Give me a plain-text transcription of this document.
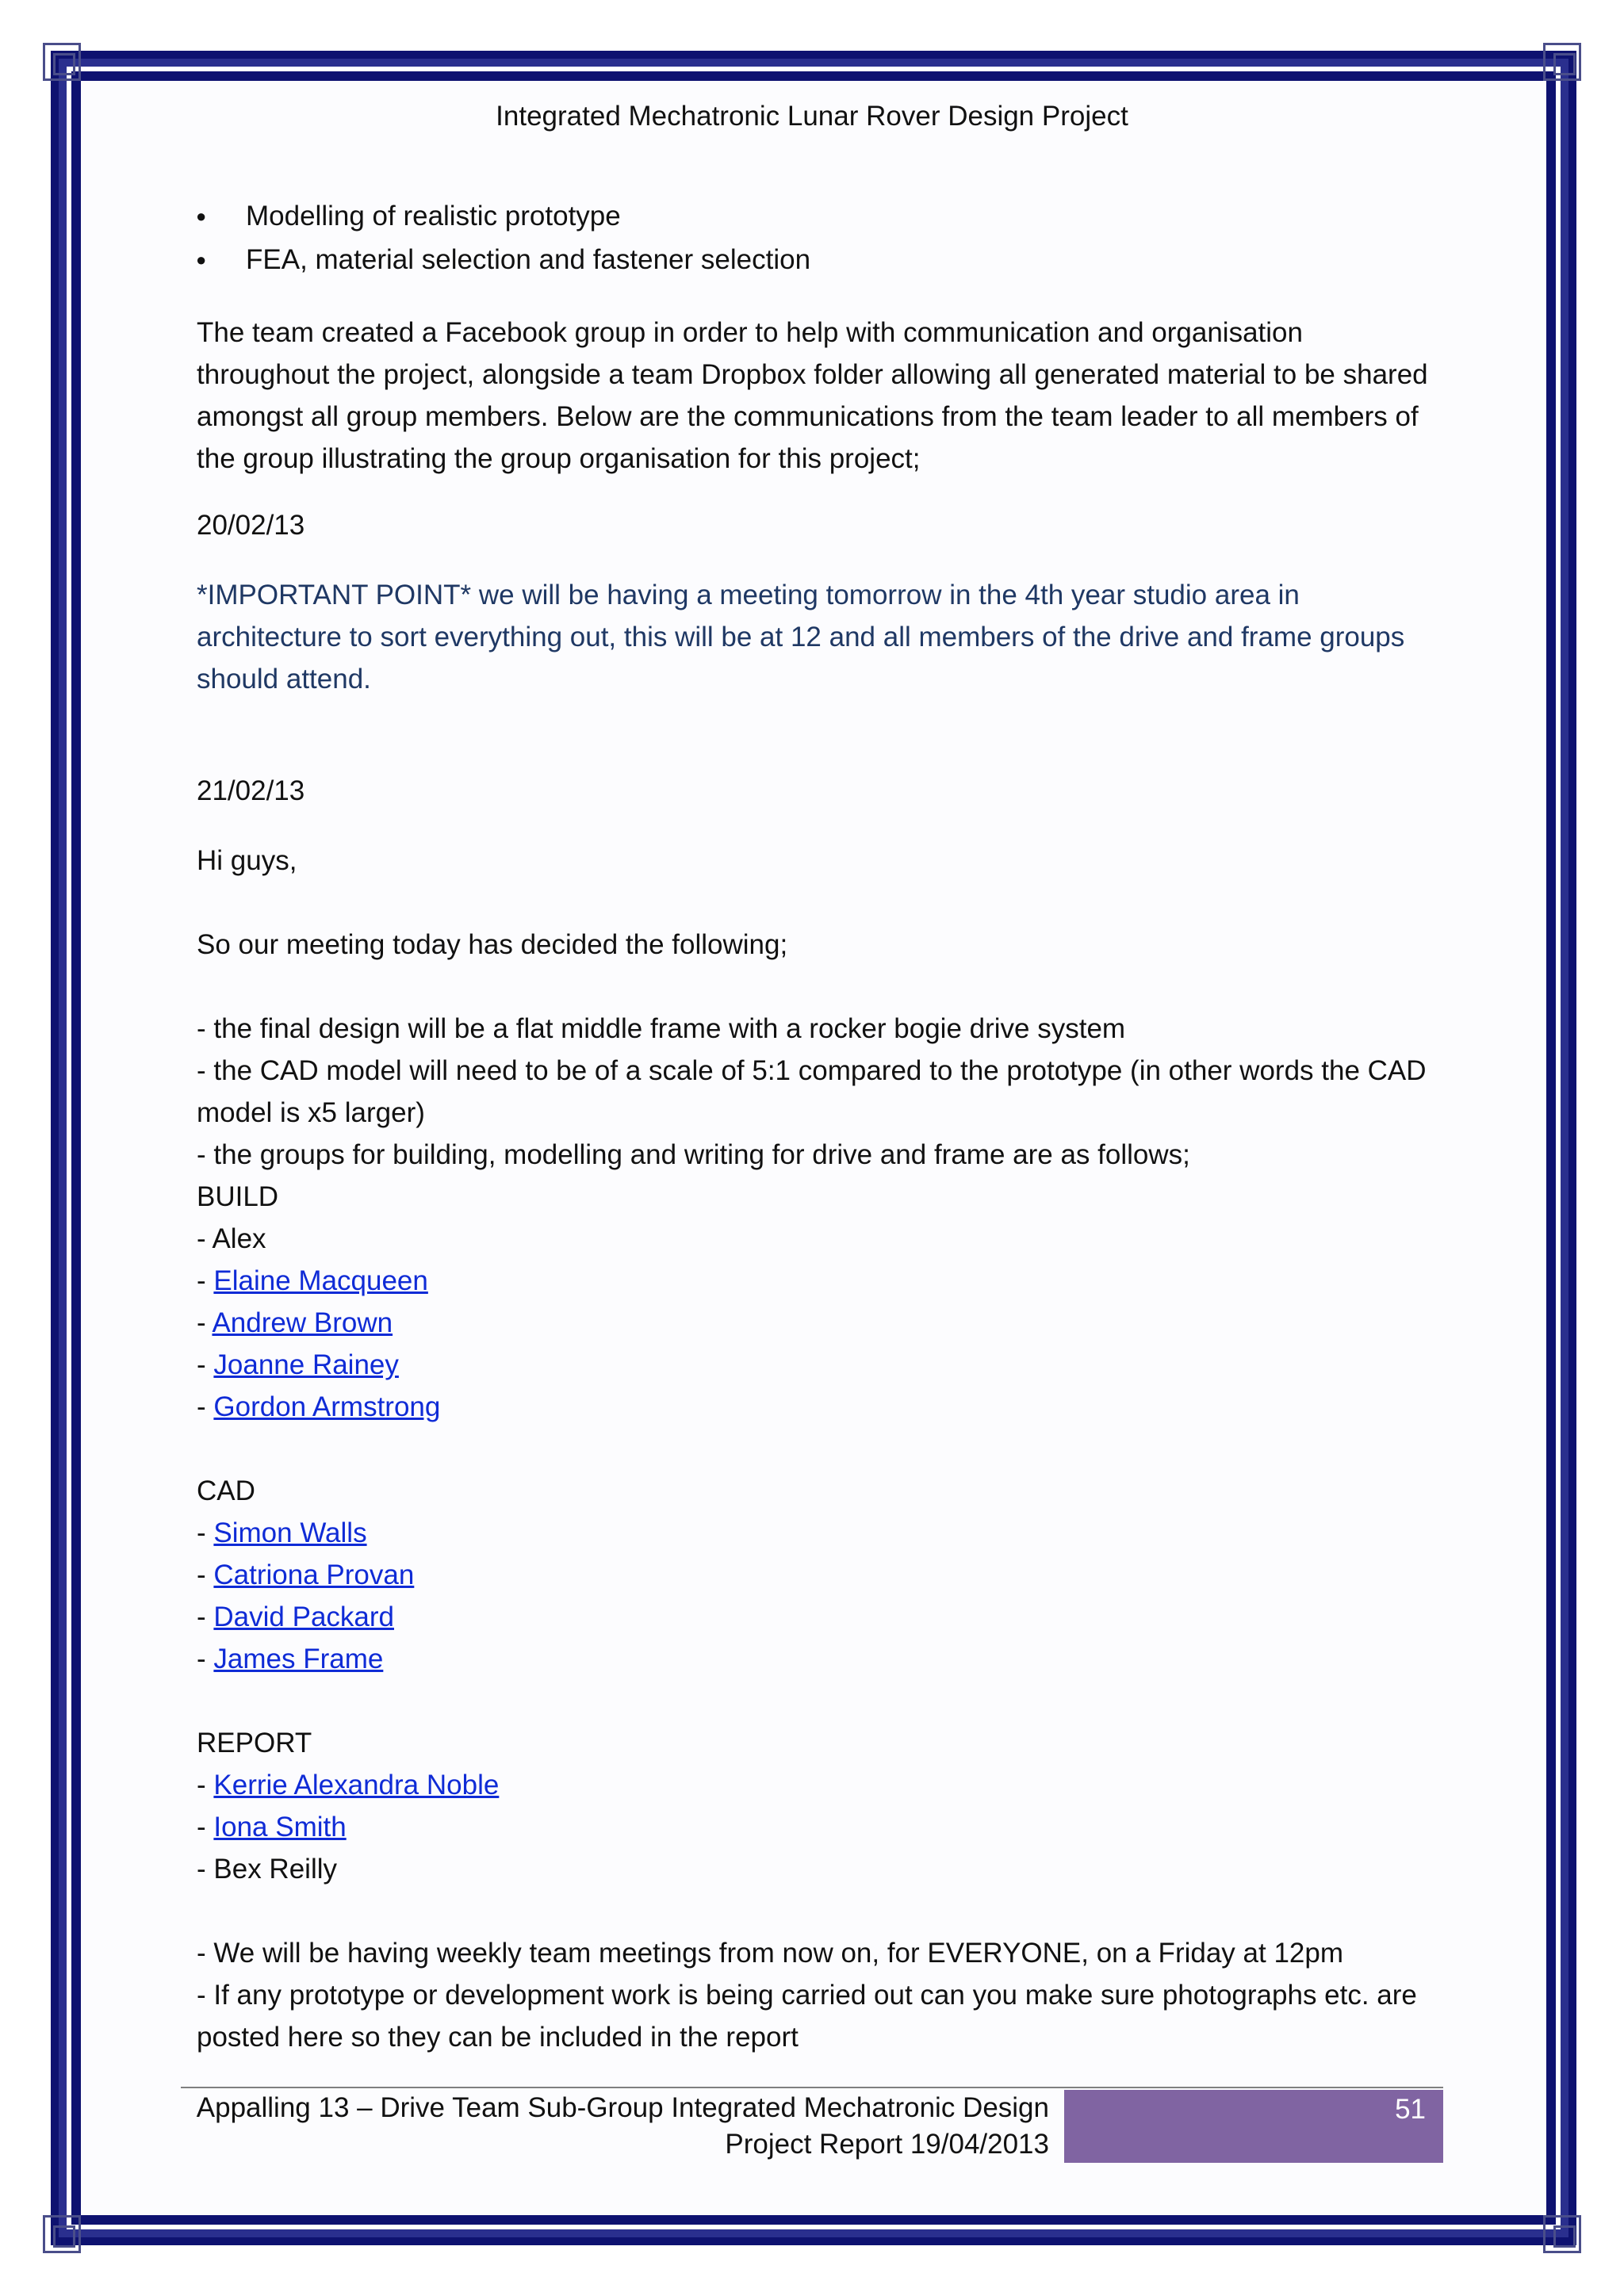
Integrated Mechatronic Lunar Rover Design Project
● Modelling of realistic prototype
● FEA, material selection and fastener selection

The team created a Facebook group in order to help with communication and organisation throughout the project, alongside a team Dropbox folder allowing all generated material to be shared amongst all group members. Below are the communications from the team leader to all members of the group illustrating the group organisation for this project;

20/02/13

*IMPORTANT POINT* we will be having a meeting tomorrow in the 4th year studio area in architecture to sort everything out, this will be at 12 and all members of the drive and frame groups should attend.

21/02/13
Hi guys,
So our meeting today has decided the following;
- the final design will be a flat middle frame with a rocker bogie drive system
- the CAD model will need to be of a scale of 5:1 compared to the prototype (in other words the CAD model is x5 larger)
- the groups for building, modelling and writing for drive and frame are as follows;
BUILD
- Alex
- Elaine Macqueen
- Andrew Brown
- Joanne Rainey
- Gordon Armstrong
CAD
- Simon Walls
- Catriona Provan
- David Packard
- James Frame
REPORT
- Kerrie Alexandra Noble
- Iona Smith
- Bex Reilly
- We will be having weekly team meetings from now on, for EVERYONE, on a Friday at 12pm
- If any prototype or development work is being carried out can you make sure photographs etc. are posted here so they can be included in the report
Appalling 13 – Drive Team Sub-Group Integrated Mechatronic Design
Project Report 19/04/2013
51
